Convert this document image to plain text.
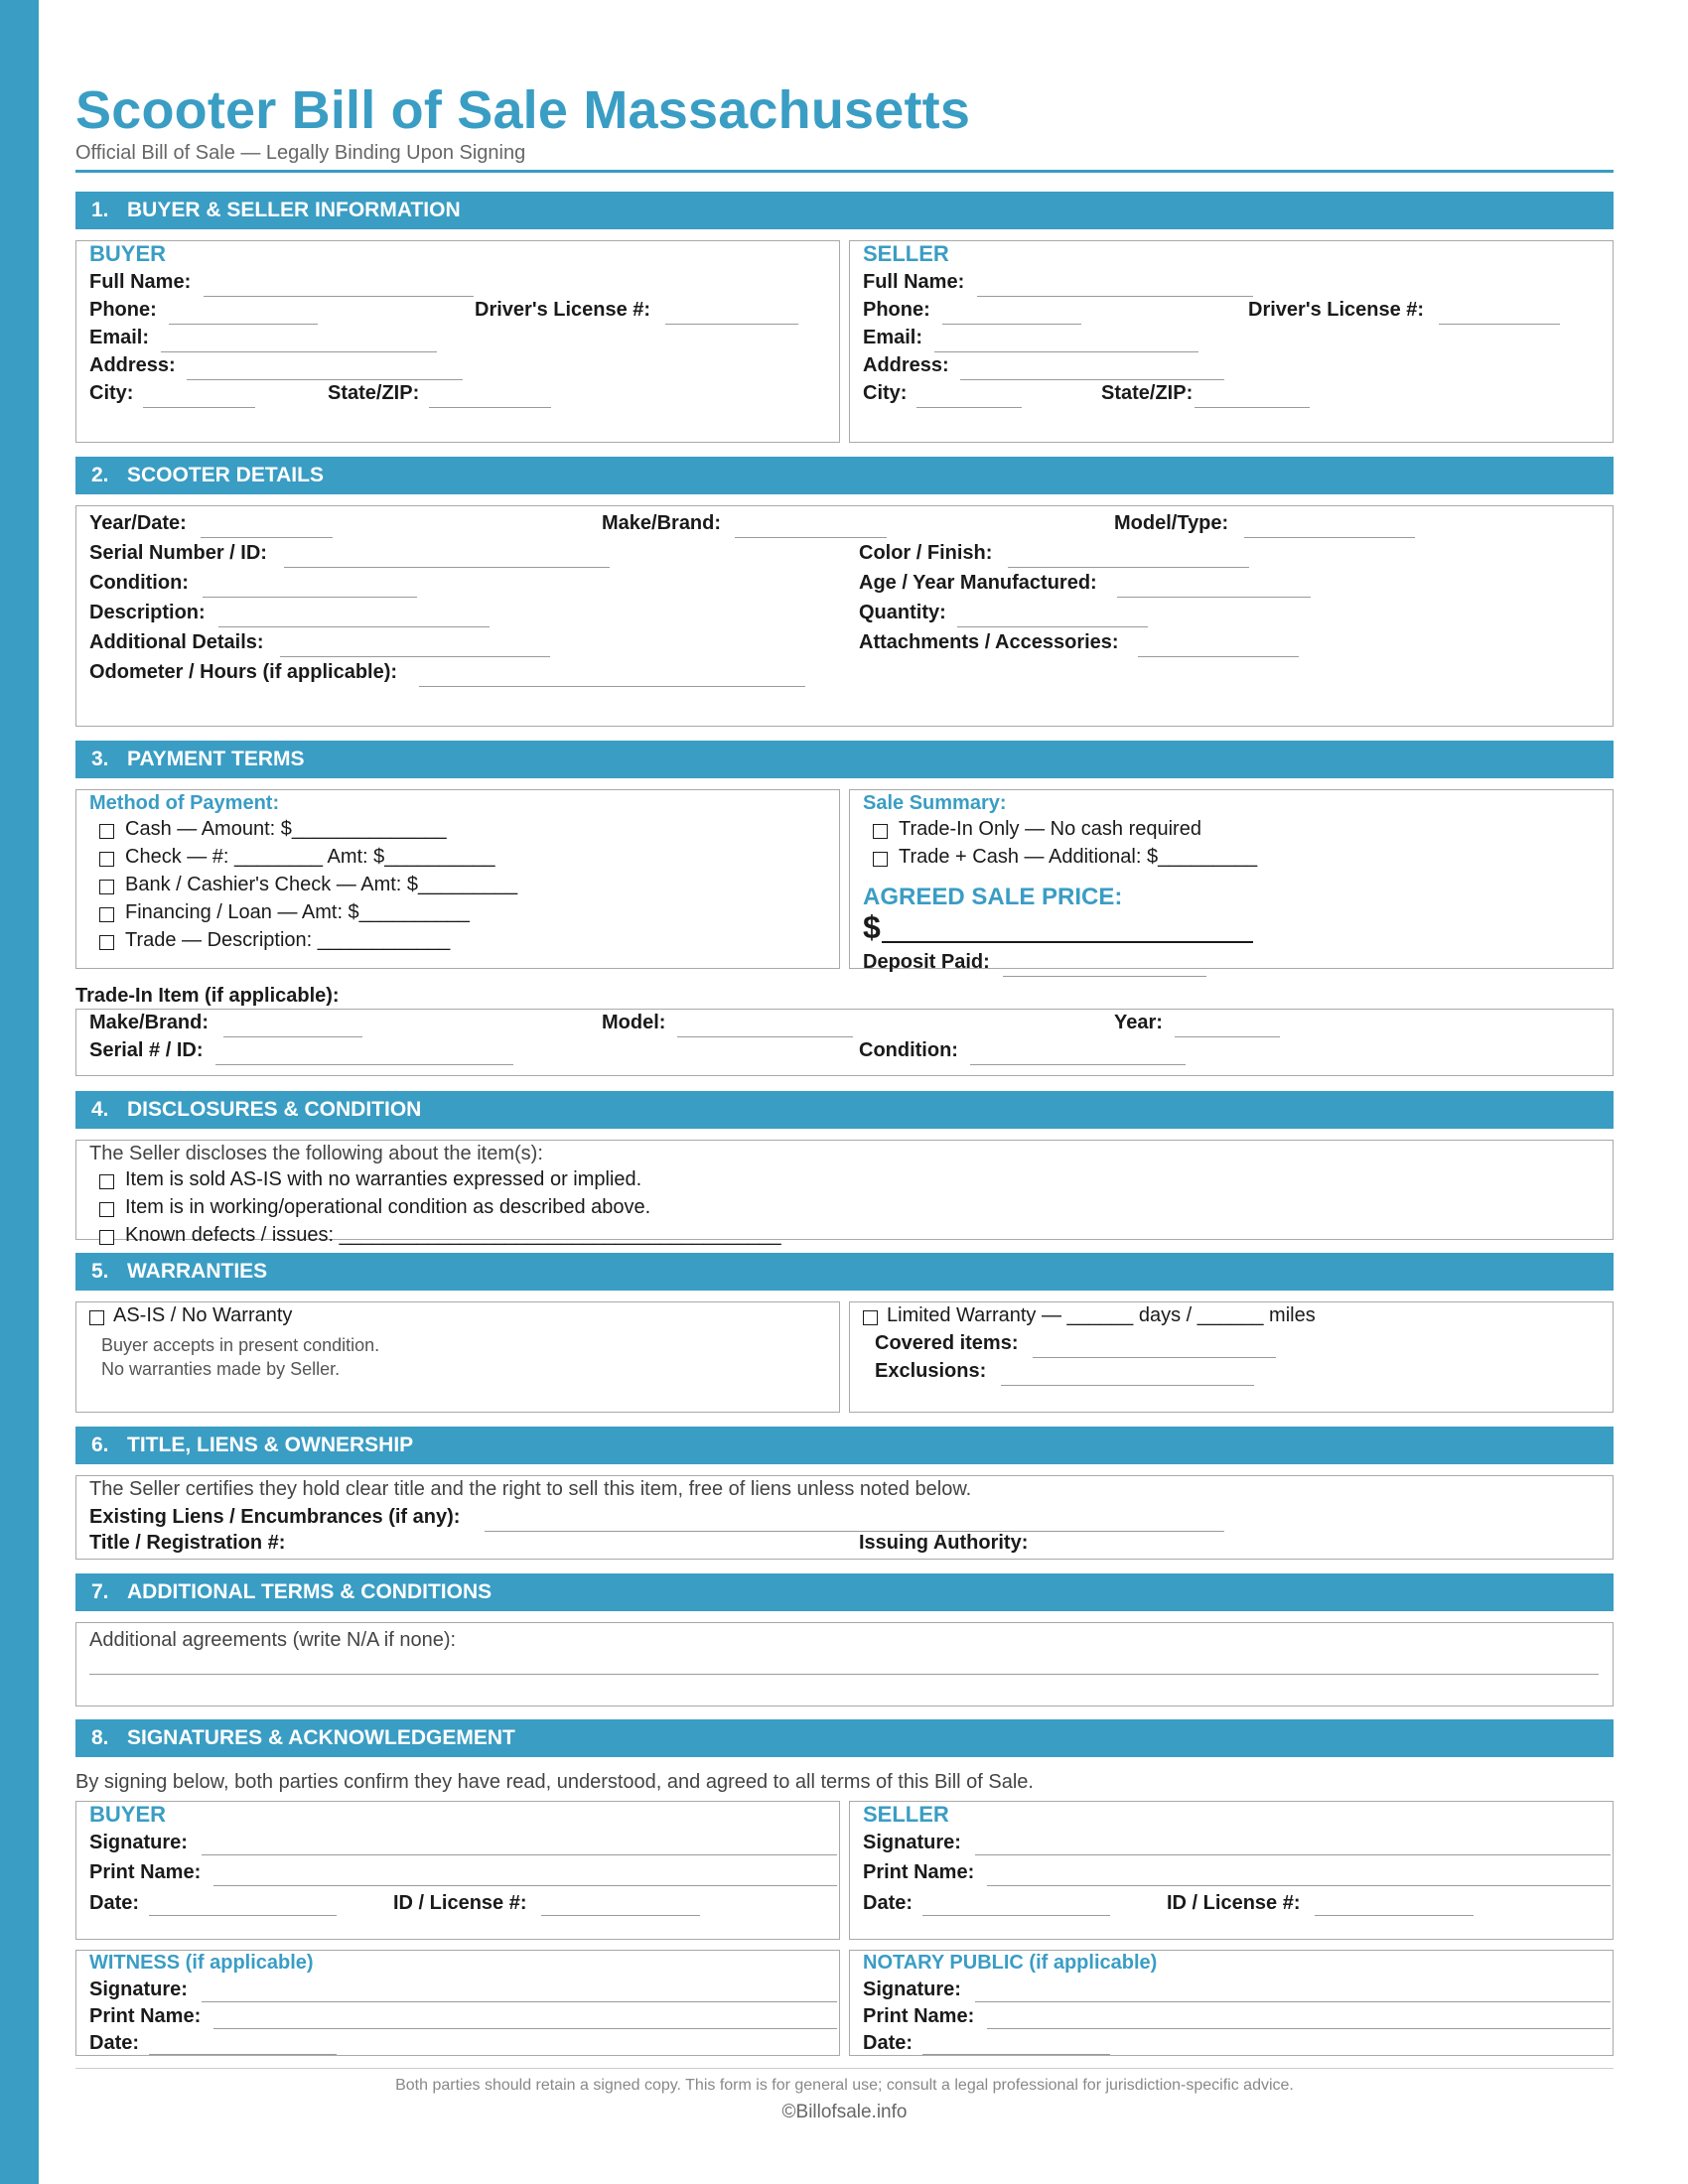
Scooter Bill of Sale Massachusetts
Official Bill of Sale — Legally Binding Upon Signing
1. BUYER & SELLER INFORMATION
BUYER
Full Name:
Phone:	Driver's License #:
Email:
Address:
City:	State/ZIP:
SELLER
Full Name:
Phone:	Driver's License #:
Email:
Address:
City:	State/ZIP:
2. SCOOTER DETAILS
Year/Date:	Make/Brand:	Model/Type:
Serial Number / ID:	Color / Finish:
Condition:	Age / Year Manufactured:
Description:	Quantity:
Additional Details:	Attachments / Accessories:
Odometer / Hours (if applicable):
3. PAYMENT TERMS
Method of Payment:
Cash — Amount: $______________
Check — #: ________ Amt: $__________
Bank / Cashier's Check — Amt: $_________
Financing / Loan — Amt: $__________
Trade — Description: ____________
Sale Summary:
Trade-In Only — No cash required
Trade + Cash — Additional: $_________
AGREED SALE PRICE:
$
Deposit Paid:
Trade-In Item (if applicable):
Make/Brand:	Model:	Year:
Serial # / ID:	Condition:
4. DISCLOSURES & CONDITION
The Seller discloses the following about the item(s):
Item is sold AS-IS with no warranties expressed or implied.
Item is in working/operational condition as described above.
Known defects / issues: ________________________________________
5. WARRANTIES
AS-IS / No Warranty
Buyer accepts in present condition.
No warranties made by Seller.
Limited Warranty — ______ days / ______ miles
Covered items:
Exclusions:
6. TITLE, LIENS & OWNERSHIP
The Seller certifies they hold clear title and the right to sell this item, free of liens unless noted below.
Existing Liens / Encumbrances (if any):
Title / Registration #:	Issuing Authority:
7. ADDITIONAL TERMS & CONDITIONS
Additional agreements (write N/A if none):
8. SIGNATURES & ACKNOWLEDGEMENT
By signing below, both parties confirm they have read, understood, and agreed to all terms of this Bill of Sale.
BUYER
Signature:
Print Name:
Date:	ID / License #:
SELLER
Signature:
Print Name:
Date:	ID / License #:
WITNESS (if applicable)
Signature:
Print Name:
Date:
NOTARY PUBLIC (if applicable)
Signature:
Print Name:
Date:
Both parties should retain a signed copy. This form is for general use; consult a legal professional for jurisdiction-specific advice.
©Billofsale.info
